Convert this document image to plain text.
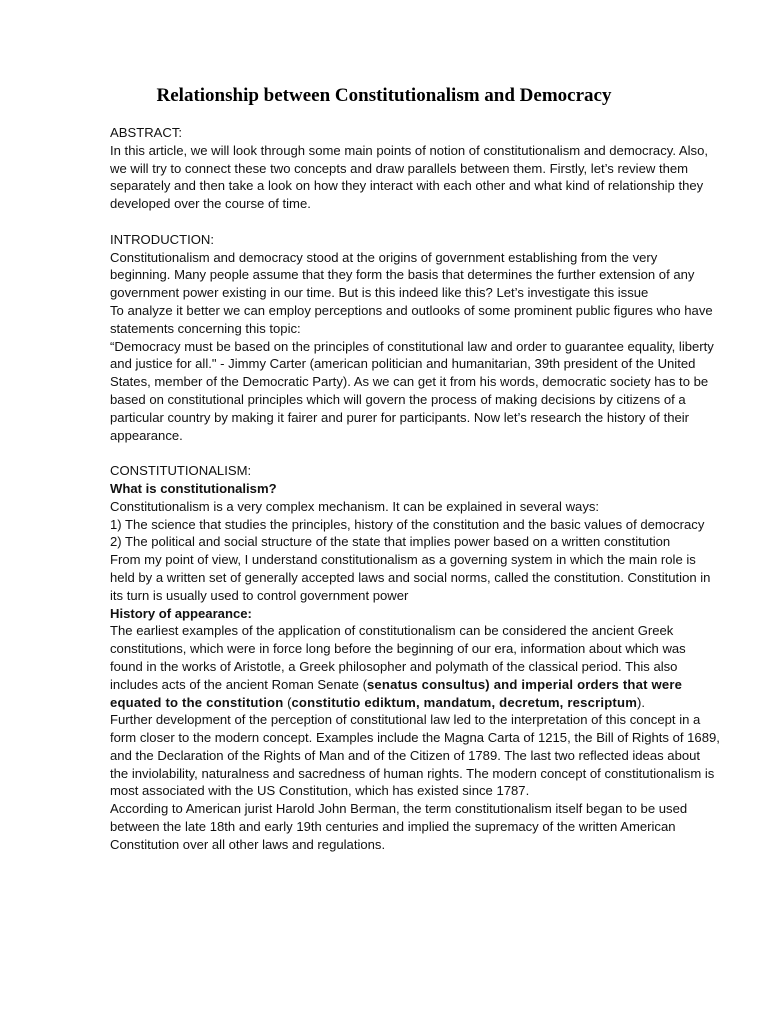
Relationship between Constitutionalism and Democracy

ABSTRACT:

In this article, we will look through some main points of notion of constitutionalism and democracy. Also, we will try to connect these two concepts and draw parallels between them. Firstly, let’s review them separately and then take a look on how they interact with each other and what kind of relationship they developed over the course of time.

INTRODUCTION:

Constitutionalism and democracy stood at the origins of government establishing from the very beginning. Many people assume that they form the basis that determines the further extension of any government power existing in our time. But is this indeed like this? Let’s investigate this issue

To analyze it better we can employ perceptions and outlooks of some prominent public figures who have statements concerning this topic:

“Democracy must be based on the principles of constitutional law and order to guarantee equality, liberty and justice for all." - Jimmy Carter (american politician and humanitarian, 39th president of the United States, member of the Democratic Party). As we can get it from his words, democratic society has to be based on constitutional principles which will govern the process of making decisions by citizens of a particular country by making it fairer and purer for participants. Now let’s research the history of their appearance.

CONSTITUTIONALISM:

What is constitutionalism?

Constitutionalism is a very complex mechanism. It can be explained in several ways:

1) The science that studies the principles, history of the constitution and the basic values of democracy

2) The political and social structure of the state that implies power based on a written constitution

From my point of view, I understand constitutionalism as a governing system in which the main role is held by a written set of generally accepted laws and social norms, called the constitution. Constitution in its turn is usually used to control government power

History of appearance:

The earliest examples of the application of constitutionalism can be considered the ancient Greek constitutions, which were in force long before the beginning of our era, information about which was found in the works of Aristotle, a Greek philosopher and polymath of the classical period. This also includes acts of the ancient Roman Senate (senatus consultus) and imperial orders that were equated to the constitution (constitutio ediktum, mandatum, decretum, rescriptum).

Further development of the perception of constitutional law led to the interpretation of this concept in a form closer to the modern concept. Examples include the Magna Carta of 1215, the Bill of Rights of 1689, and the Declaration of the Rights of Man and of the Citizen of 1789. The last two reflected ideas about the inviolability, naturalness and sacredness of human rights. The modern concept of constitutionalism is most associated with the US Constitution, which has existed since 1787.

According to American jurist Harold John Berman, the term constitutionalism itself began to be used between the late 18th and early 19th centuries and implied the supremacy of the written American Constitution over all other laws and regulations.
